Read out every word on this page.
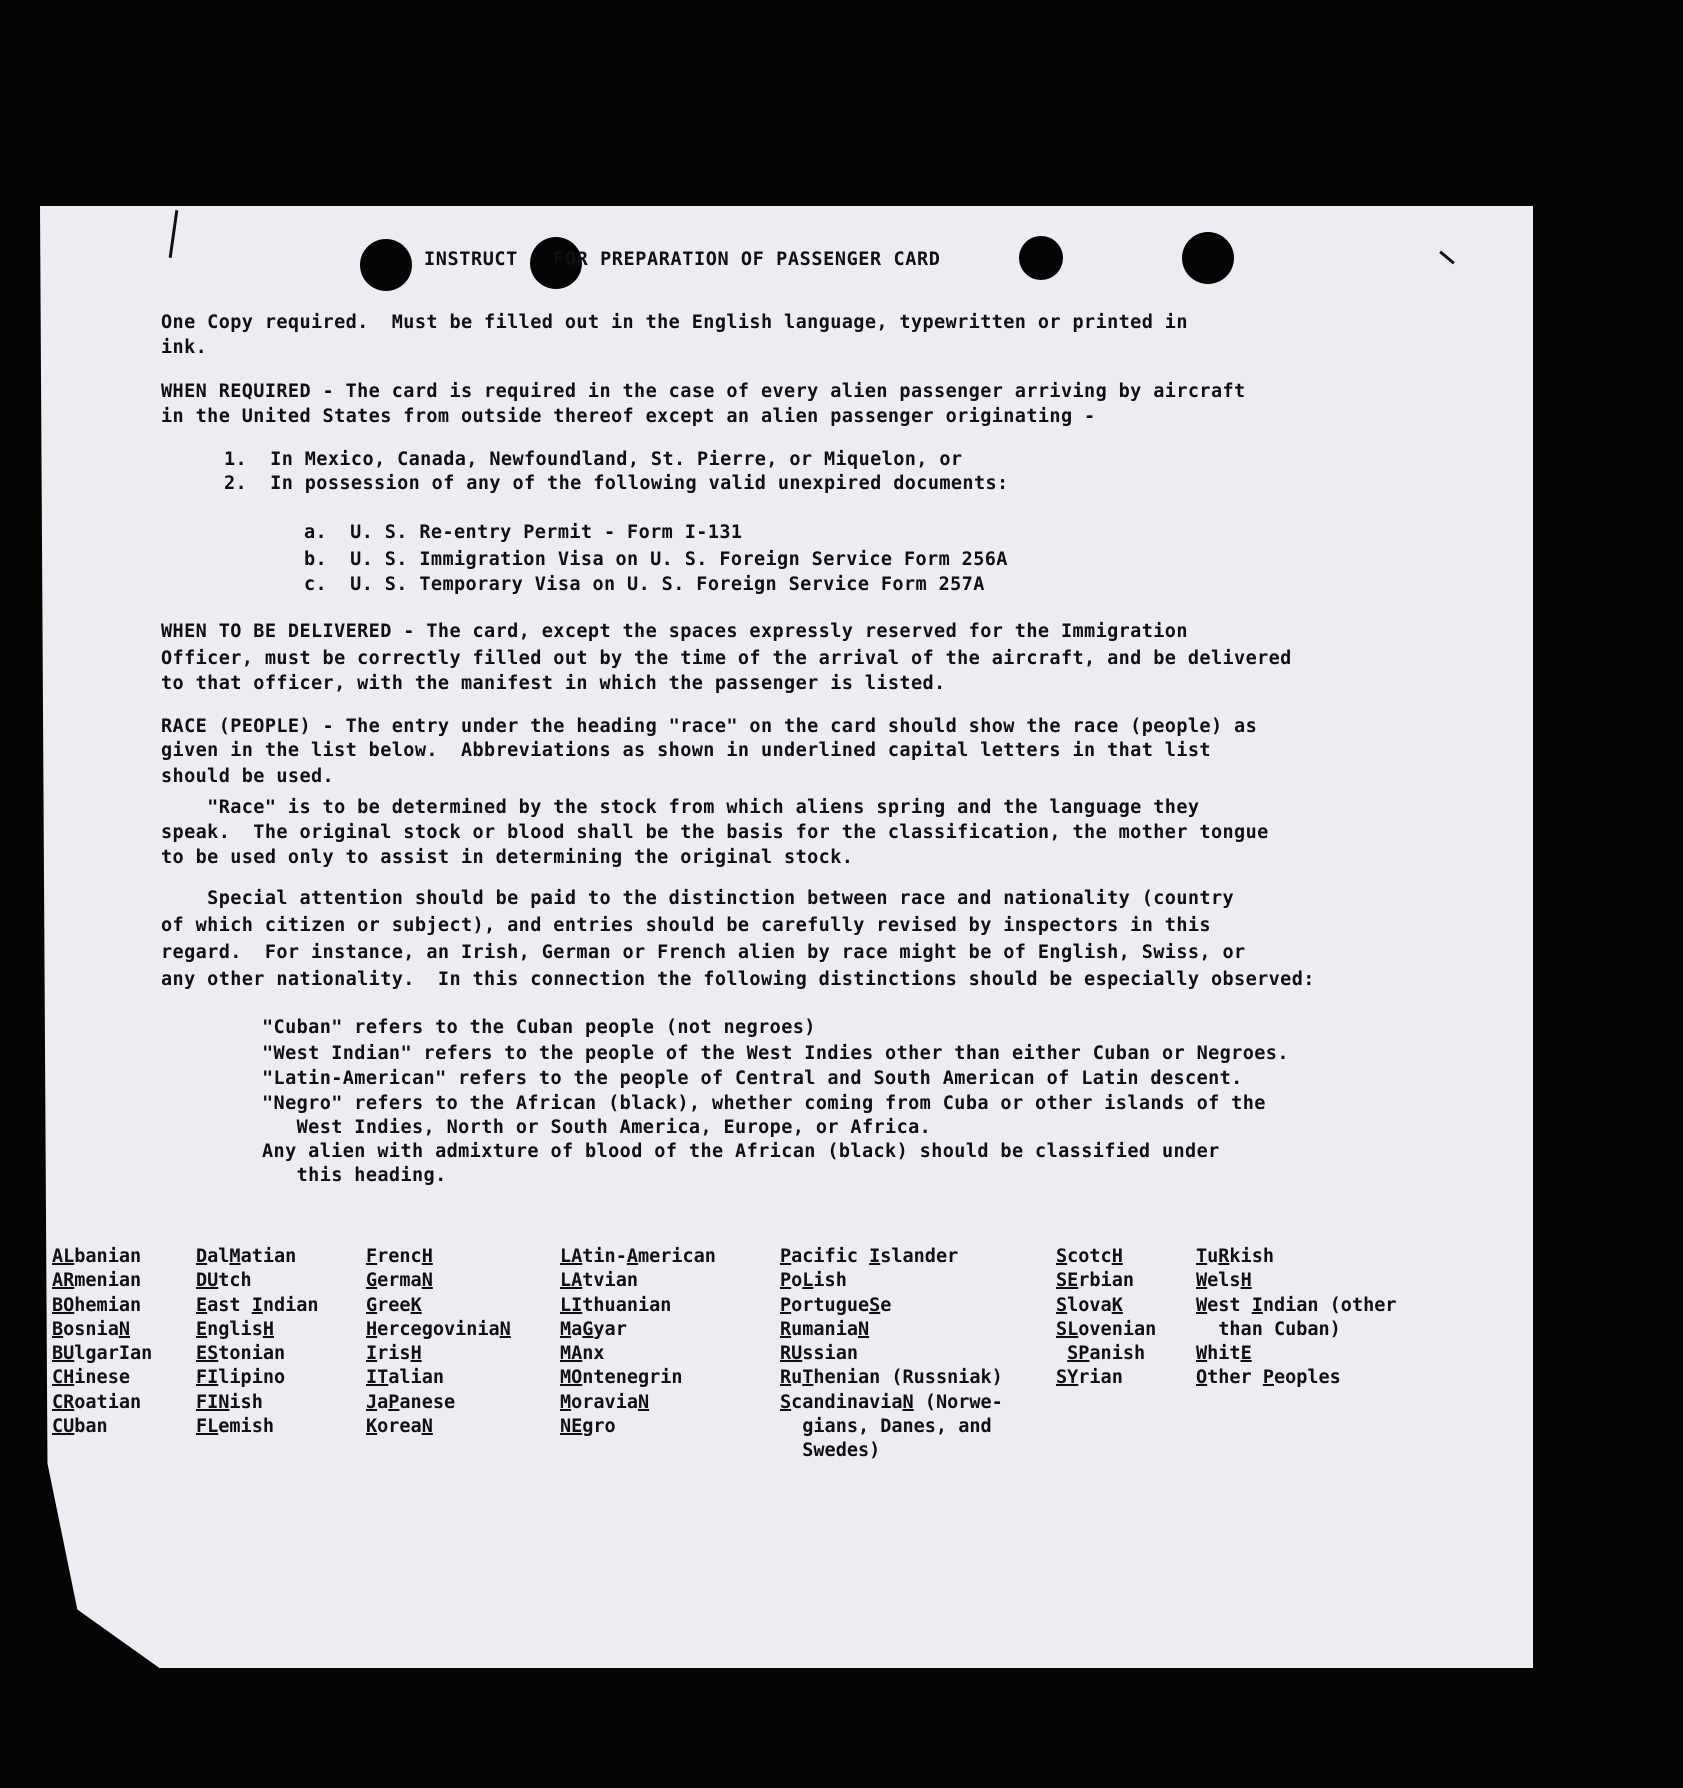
INSTRUCT   FOR PREPARATION OF PASSENGER CARD
One Copy required.  Must be filled out in the English language, typewritten or printed in
ink.
WHEN REQUIRED - The card is required in the case of every alien passenger arriving by aircraft
in the United States from outside thereof except an alien passenger originating -
1.  In Mexico, Canada, Newfoundland, St. Pierre, or Miquelon, or
2.  In possession of any of the following valid unexpired documents:
a.  U. S. Re-entry Permit - Form I-131
b.  U. S. Immigration Visa on U. S. Foreign Service Form 256A
c.  U. S. Temporary Visa on U. S. Foreign Service Form 257A
WHEN TO BE DELIVERED - The card, except the spaces expressly reserved for the Immigration
Officer, must be correctly filled out by the time of the arrival of the aircraft, and be delivered
to that officer, with the manifest in which the passenger is listed.
RACE (PEOPLE) - The entry under the heading "race" on the card should show the race (people) as
given in the list below.  Abbreviations as shown in underlined capital letters in that list
should be used.
"Race" is to be determined by the stock from which aliens spring and the language they
speak.  The original stock or blood shall be the basis for the classification, the mother tongue
to be used only to assist in determining the original stock.
Special attention should be paid to the distinction between race and nationality (country
of which citizen or subject), and entries should be carefully revised by inspectors in this
regard.  For instance, an Irish, German or French alien by race might be of English, Swiss, or
any other nationality.  In this connection the following distinctions should be especially observed:
"Cuban" refers to the Cuban people (not negroes)
"West Indian" refers to the people of the West Indies other than either Cuban or Negroes.
"Latin-American" refers to the people of Central and South American of Latin descent.
"Negro" refers to the African (black), whether coming from Cuba or other islands of the
West Indies, North or South America, Europe, or Africa.
Any alien with admixture of blood of the African (black) should be classified under
this heading.
ALbanian
ARmenian
BOhemian
BosniaN
BUlgarIan
CHinese
CRoatian
CUban
DalMatian
DUtch
East Indian
EnglisH
EStonian
FIlipino
FINish
FLemish
FrencH
GermaN
GreeK
HercegoviniaN
IrisH
ITalian
JaPanese
KoreaN
LAtin-American
LAtvian
LIthuanian
MaGyar
MAnx
MOntenegrin
MoraviaN
NEgro
Pacific Islander
PoLish
PortugueSe
RumaniaN
RUssian
RuThenian (Russniak)
ScandinaviaN (Norwe-
gians, Danes, and
Swedes)
ScotcH
SErbian
SlovaK
SLovenian
SPanish
SYrian
TuRkish
WelsH
West Indian (other
than Cuban)
WhitE
Other Peoples
